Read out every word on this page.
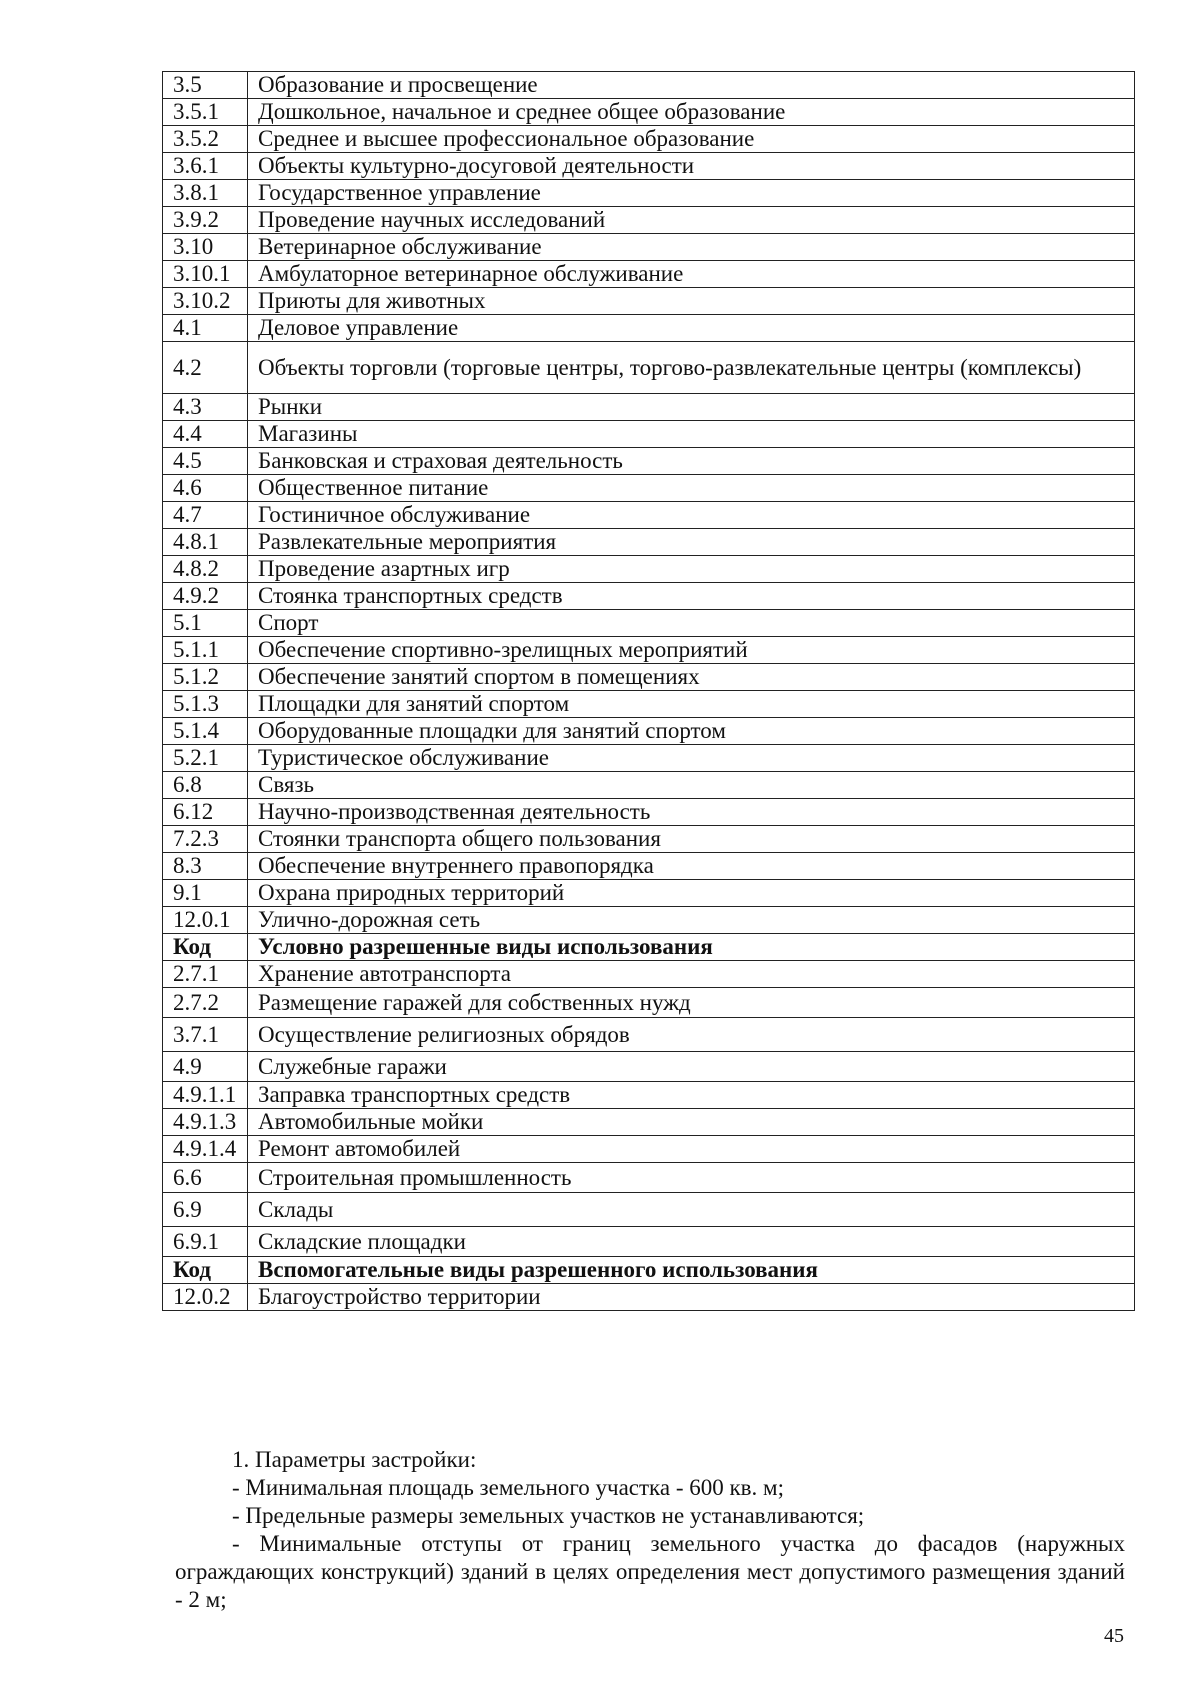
3.5	Образование и просвещение
3.5.1	Дошкольное, начальное и среднее общее образование
3.5.2	Среднее и высшее профессиональное образование
3.6.1	Объекты культурно-досуговой деятельности
3.8.1	Государственное управление
3.9.2	Проведение научных исследований
3.10	Ветеринарное обслуживание
3.10.1	Амбулаторное ветеринарное обслуживание
3.10.2	Приюты для животных
4.1	Деловое управление
4.2	Объекты торговли (торговые центры, торгово-развлекательные центры (комплексы)
4.3	Рынки
4.4	Магазины
4.5	Банковская и страховая деятельность
4.6	Общественное питание
4.7	Гостиничное обслуживание
4.8.1	Развлекательные мероприятия
4.8.2	Проведение азартных игр
4.9.2	Стоянка транспортных средств
5.1	Спорт
5.1.1	Обеспечение спортивно-зрелищных мероприятий
5.1.2	Обеспечение занятий спортом в помещениях
5.1.3	Площадки для занятий спортом
5.1.4	Оборудованные площадки для занятий спортом
5.2.1	Туристическое обслуживание
6.8	Связь
6.12	Научно-производственная деятельность
7.2.3	Стоянки транспорта общего пользования
8.3	Обеспечение внутреннего правопорядка
9.1	Охрана природных территорий
12.0.1	Улично-дорожная сеть
Код	Условно разрешенные виды использования
2.7.1	Хранение автотранспорта
2.7.2	Размещение гаражей для собственных нужд
3.7.1	Осуществление религиозных обрядов
4.9	Служебные гаражи
4.9.1.1	Заправка транспортных средств
4.9.1.3	Автомобильные мойки
4.9.1.4	Ремонт автомобилей
6.6	Строительная промышленность
6.9	Склады
6.9.1	Складские площадки
Код	Вспомогательные виды разрешенного использования
12.0.2	Благоустройство территории

1. Параметры застройки:

- Минимальная площадь земельного участка - 600 кв. м;

- Предельные размеры земельных участков не устанавливаются;

- Минимальные отступы от границ земельного участка до фасадов (наружных ограждающих конструкций) зданий в целях определения мест допустимого размещения зданий - 2 м;

45
